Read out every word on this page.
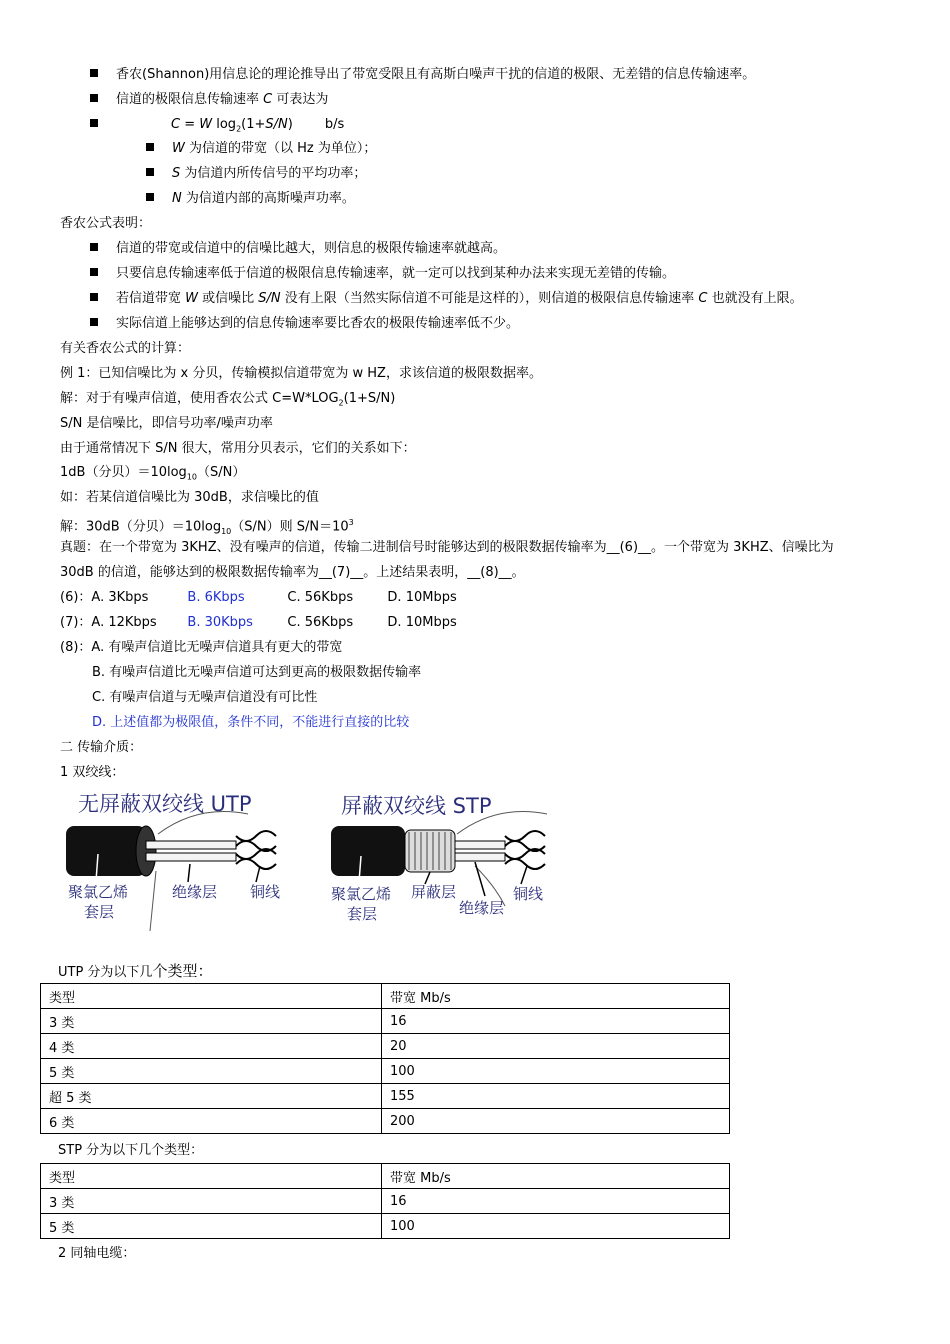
香农(Shannon)用信息论的理论推导出了带宽受限且有高斯白噪声干扰的信道的极限、无差错的信息传输速率。
信道的极限信息传输速率 C 可表达为
C = W $\log_2(1+S/N)$ b/s
W 为信道的带宽（以 Hz 为单位）；
S 为信道内所传信号的平均功率；
N 为信道内部的高斯噪声功率。
香农公式表明：
信道的带宽或信道中的信噪比越大，则信息的极限传输速率就越高。
只要信息传输速率低于信道的极限信息传输速率，就一定可以找到某种办法来实现无差错的传输。
若信道带宽 W 或信噪比 S/N 没有上限（当然实际信道不可能是这样的），则信道的极限信息传输速率 C 也就没有上限。
实际信道上能够达到的信息传输速率要比香农的极限传输速率低不少。
有关香农公式的计算：
例 1：已知信噪比为 x 分贝，传输模拟信道带宽为 w HZ，求该信道的极限数据率。
解：对于有噪声信道，使用香农公式 $C=W*LOG_2(1+S/N)$
S/N 是信噪比，即信号功率/噪声功率
由于通常情况下 S/N 很大，常用分贝表示，它们的关系如下：
1dB（分贝）$=10\log_{10}(S/N)$
如：若某信道信噪比为 30dB，求信噪比的值
解：30dB（分贝）$=10\log_{10}(S/N)$则 $S/N=10^3$
真题：在一个带宽为 3KHZ、没有噪声的信道，传输二进制信号时能够达到的极限数据传输率为__(6)__。一个带宽为 3KHZ、信噪比为
30dB 的信道，能够达到的极限数据传输率为__(7)__。上述结果表明，__(8)__。
(6)：A. 3Kbps	B. 6Kbps	C. 56Kbps	D. 10Mbps
(7)：A. 12Kbps B. 30Kbps	C. 56Kbps	D. 10Mbps
(8)：A. 有噪声信道比无噪声信道具有更大的带宽
B. 有噪声信道比无噪声信道可达到更高的极限数据传输率
C. 有噪声信道与无噪声信道没有可比性
D. 上述值都为极限值，条件不同，不能进行直接的比较
二 传输介质：
1 双绞线：
无屏蔽双绞线 UTP
聚氯乙烯
套层
绝缘层 铜线
屏蔽双绞线 STP
聚氯乙烯
套层
屏蔽层
绝缘层
铜线
UTP 分为以下几个类型：
类型	带宽 Mb/s
3 类	16
4 类	20
5 类	100
超 5 类	155
6 类	200
STP 分为以下几个类型：
类型	带宽 Mb/s
3 类	16
5 类	100
2 同轴电缆：
